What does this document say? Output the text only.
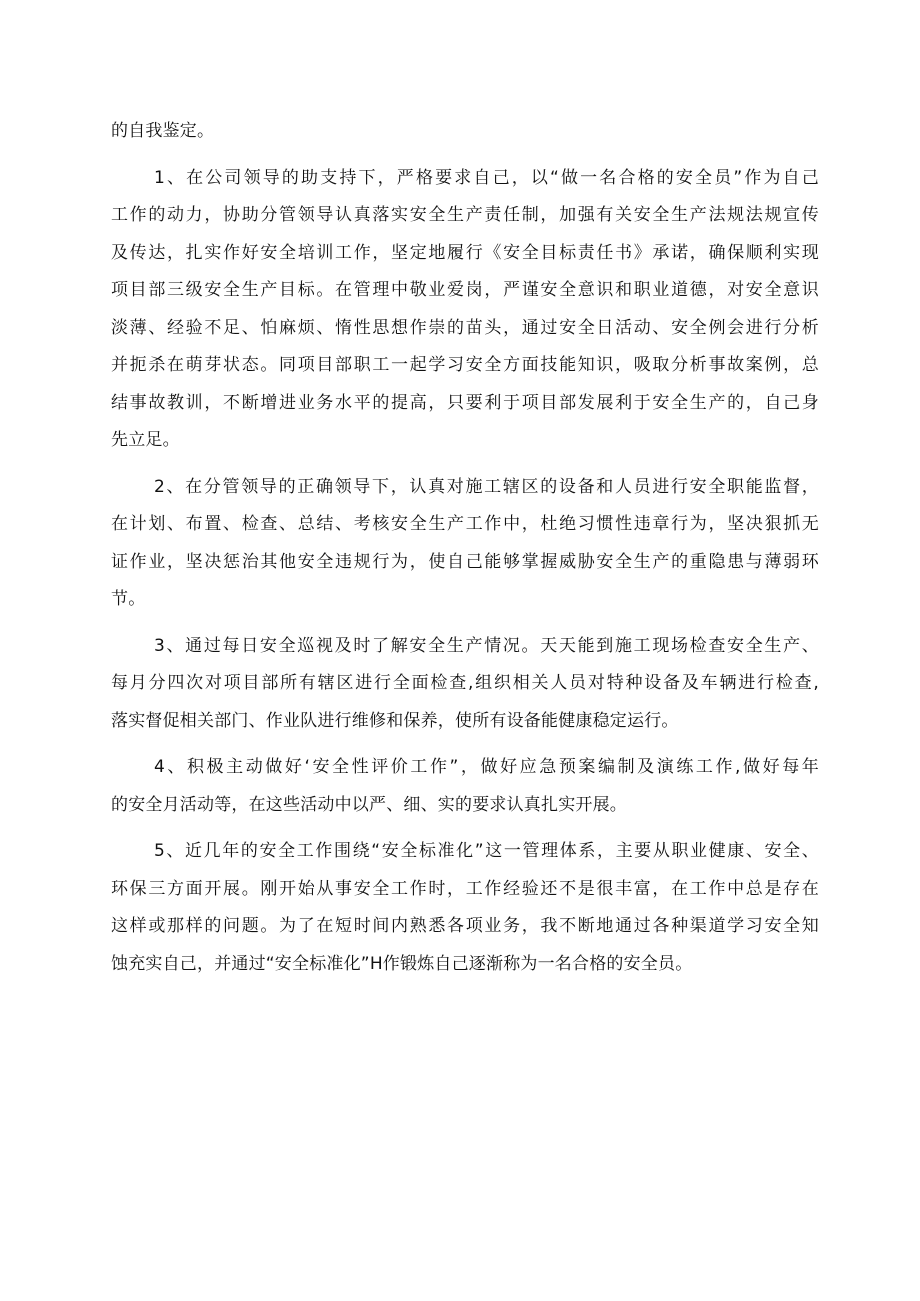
的自我鉴定。
1、在公司领导的助支持下，严格要求自己，以“做一名合格的安全员”作为自己
工作的动力，协助分管领导认真落实安全生产责任制，加强有关安全生产法规法规宣传
及传达，扎实作好安全培训工作，坚定地履行《安全目标责任书》承诺，确保顺利实现
项目部三级安全生产目标。在管理中敬业爱岗，严谨安全意识和职业道德，对安全意识
淡薄、经验不足、怕麻烦、惰性思想作崇的苗头，通过安全日活动、安全例会进行分析
并扼杀在萌芽状态。同项目部职工一起学习安全方面技能知识，吸取分析事故案例，总
结事故教训，不断增进业务水平的提高，只要利于项目部发展利于安全生产的，自己身
先立足。
2、在分管领导的正确领导下，认真对施工辖区的设备和人员进行安全职能监督，
在计划、布置、检查、总结、考核安全生产工作中，杜绝习惯性违章行为，坚决狠抓无
证作业，坚决惩治其他安全违规行为，使自己能够掌握威胁安全生产的重隐患与薄弱环
节。
3、通过每日安全巡视及时了解安全生产情况。天天能到施工现场检查安全生产、
每月分四次对项目部所有辖区进行全面检查,组织相关人员对特种设备及车辆进行检查,
落实督促相关部门、作业队进行维修和保养，使所有设备能健康稳定运行。
4、积极主动做好‘安全性评价工作”，做好应急预案编制及演练工作,做好每年
的安全月活动等，在这些活动中以严、细、实的要求认真扎实开展。
5、近几年的安全工作围绕“安全标准化”这一管理体系，主要从职业健康、安全、
环保三方面开展。刚开始从事安全工作时，工作经验还不是很丰富，在工作中总是存在
这样或那样的问题。为了在短时间内熟悉各项业务，我不断地通过各种渠道学习安全知
蚀充实自己，并通过“安全标准化”H作锻炼自己逐渐称为一名合格的安全员。
